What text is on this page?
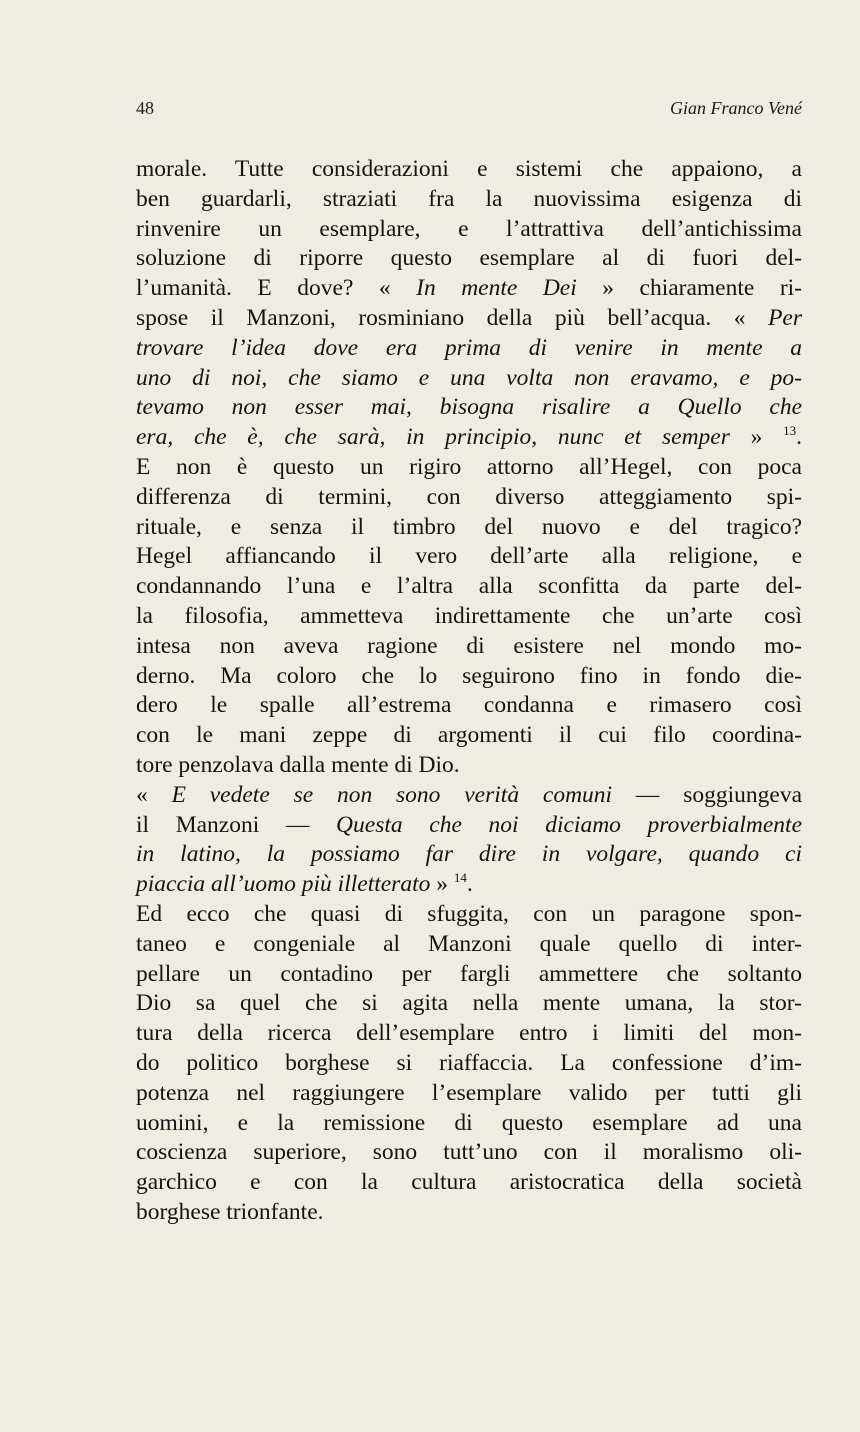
48	Gian Franco Vené
morale. Tutte considerazioni e sistemi che appaiono, a
ben guardarli, straziati fra la nuovissima esigenza di
rinvenire un esemplare, e l’attrattiva dell’antichissima
soluzione di riporre questo esemplare al di fuori del-
l’umanità. E dove? « In mente Dei » chiaramente ri-
spose il Manzoni, rosminiano della più bell’acqua. « Per
trovare l’idea dove era prima di venire in mente a
uno di noi, che siamo e una volta non eravamo, e po-
tevamo non esser mai, bisogna risalire a Quello che
era, che è, che sarà, in principio, nunc et semper » $^{13}$.
E non è questo un rigiro attorno all’Hegel, con poca
differenza di termini, con diverso atteggiamento spi-
rituale, e senza il timbro del nuovo e del tragico?
Hegel affiancando il vero dell’arte alla religione, e
condannando l’una e l’altra alla sconfitta da parte del-
la filosofia, ammetteva indirettamente che un’arte così
intesa non aveva ragione di esistere nel mondo mo-
derno. Ma coloro che lo seguirono fino in fondo die-
dero le spalle all’estrema condanna e rimasero così
con le mani zeppe di argomenti il cui filo coordina-
tore penzolava dalla mente di Dio.
« E vedete se non sono verità comuni — soggiungeva
il Manzoni — Questa che noi diciamo proverbialmente
in latino, la possiamo far dire in volgare, quando ci
piaccia all’uomo più illetterato » $^{14}$.
Ed ecco che quasi di sfuggita, con un paragone spon-
taneo e congeniale al Manzoni quale quello di inter-
pellare un contadino per fargli ammettere che soltanto
Dio sa quel che si agita nella mente umana, la stor-
tura della ricerca dell’esemplare entro i limiti del mon-
do politico borghese si riaffaccia. La confessione d’im-
potenza nel raggiungere l’esemplare valido per tutti gli
uomini, e la remissione di questo esemplare ad una
coscienza superiore, sono tutt’uno con il moralismo oli-
garchico e con la cultura aristocratica della società
borghese trionfante.
